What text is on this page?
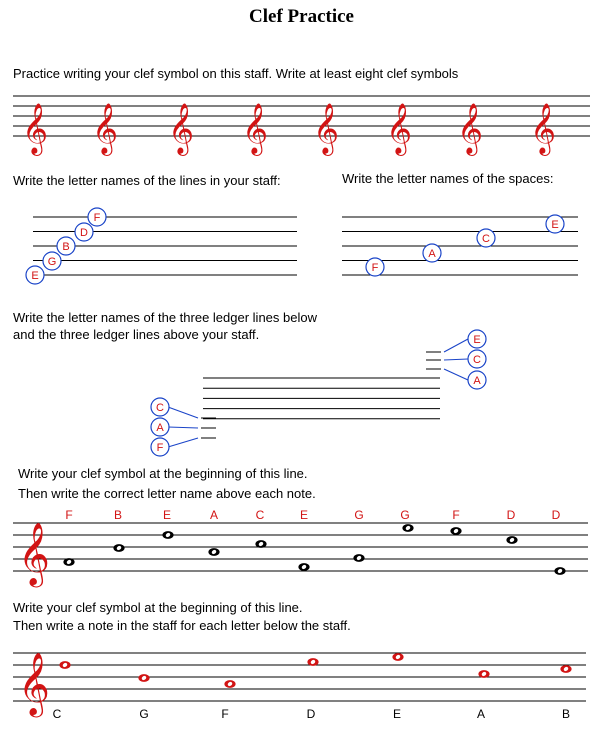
Clef Practice
Practice writing your clef symbol on this staff. Write at least eight clef symbols
Write the letter names of the lines in your staff:	Write the letter names of the spaces:
Write the letter names of the three ledger lines below
and the three ledger lines above your staff.
Write your clef symbol at the beginning of this line.
Then write the correct letter name above each note.
Write your clef symbol at the beginning of this line.
Then write a note in the staff for each letter below the staff.
𝄞 𝄞 𝄞 𝄞 𝄞 𝄞 𝄞 𝄞
E
G
B
D
F
F
A
C
E
E
C
A
C
A
F
𝄞
F	B	E	A	C	E	G	G	F	D	D
𝄞 C	G	F	D	E	A	B
